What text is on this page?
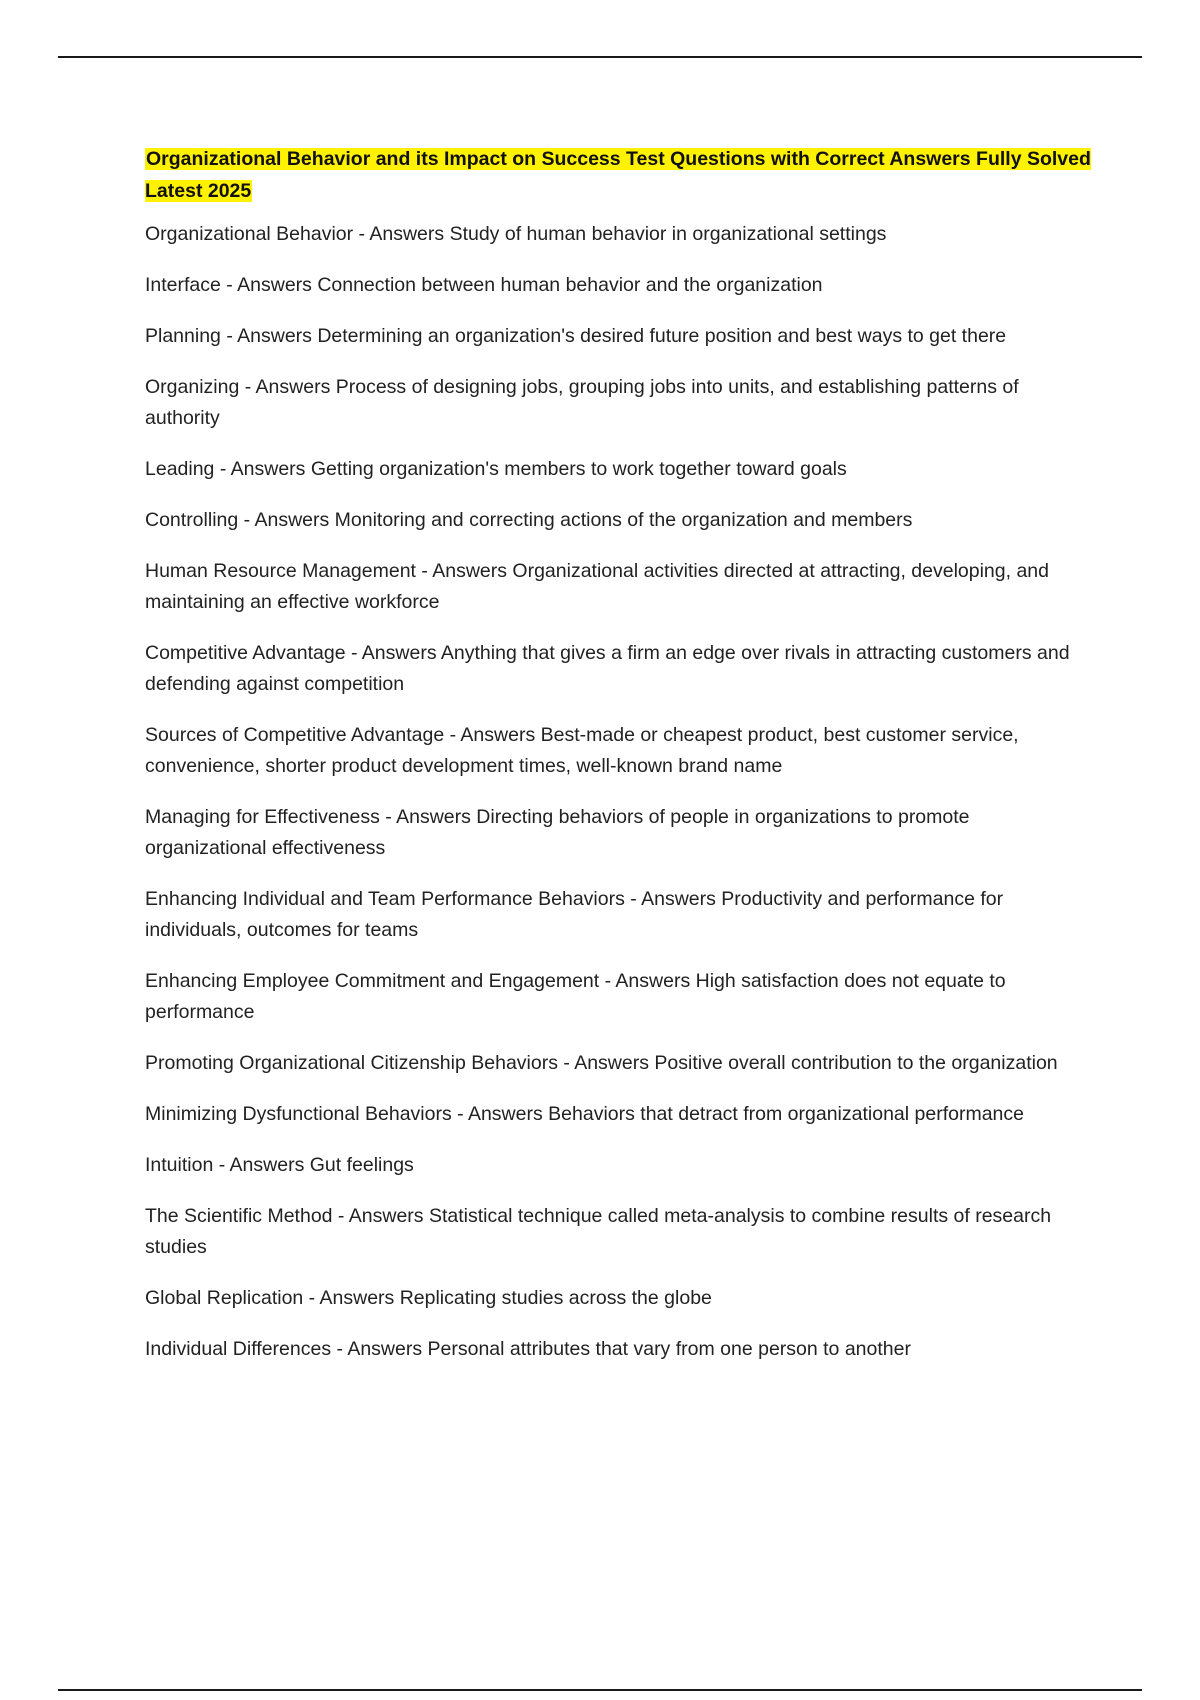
Organizational Behavior and its Impact on Success Test Questions with Correct Answers Fully Solved Latest 2025

Organizational Behavior - Answers Study of human behavior in organizational settings
Interface - Answers Connection between human behavior and the organization
Planning - Answers Determining an organization's desired future position and best ways to get there
Organizing - Answers Process of designing jobs, grouping jobs into units, and establishing patterns of authority
Leading - Answers Getting organization's members to work together toward goals
Controlling - Answers Monitoring and correcting actions of the organization and members
Human Resource Management - Answers Organizational activities directed at attracting, developing, and maintaining an effective workforce
Competitive Advantage - Answers Anything that gives a firm an edge over rivals in attracting customers and defending against competition
Sources of Competitive Advantage - Answers Best-made or cheapest product, best customer service, convenience, shorter product development times, well-known brand name
Managing for Effectiveness - Answers Directing behaviors of people in organizations to promote organizational effectiveness
Enhancing Individual and Team Performance Behaviors - Answers Productivity and performance for individuals, outcomes for teams
Enhancing Employee Commitment and Engagement - Answers High satisfaction does not equate to performance
Promoting Organizational Citizenship Behaviors - Answers Positive overall contribution to the organization
Minimizing Dysfunctional Behaviors - Answers Behaviors that detract from organizational performance
Intuition - Answers Gut feelings
The Scientific Method - Answers Statistical technique called meta-analysis to combine results of research studies
Global Replication - Answers Replicating studies across the globe
Individual Differences - Answers Personal attributes that vary from one person to another
